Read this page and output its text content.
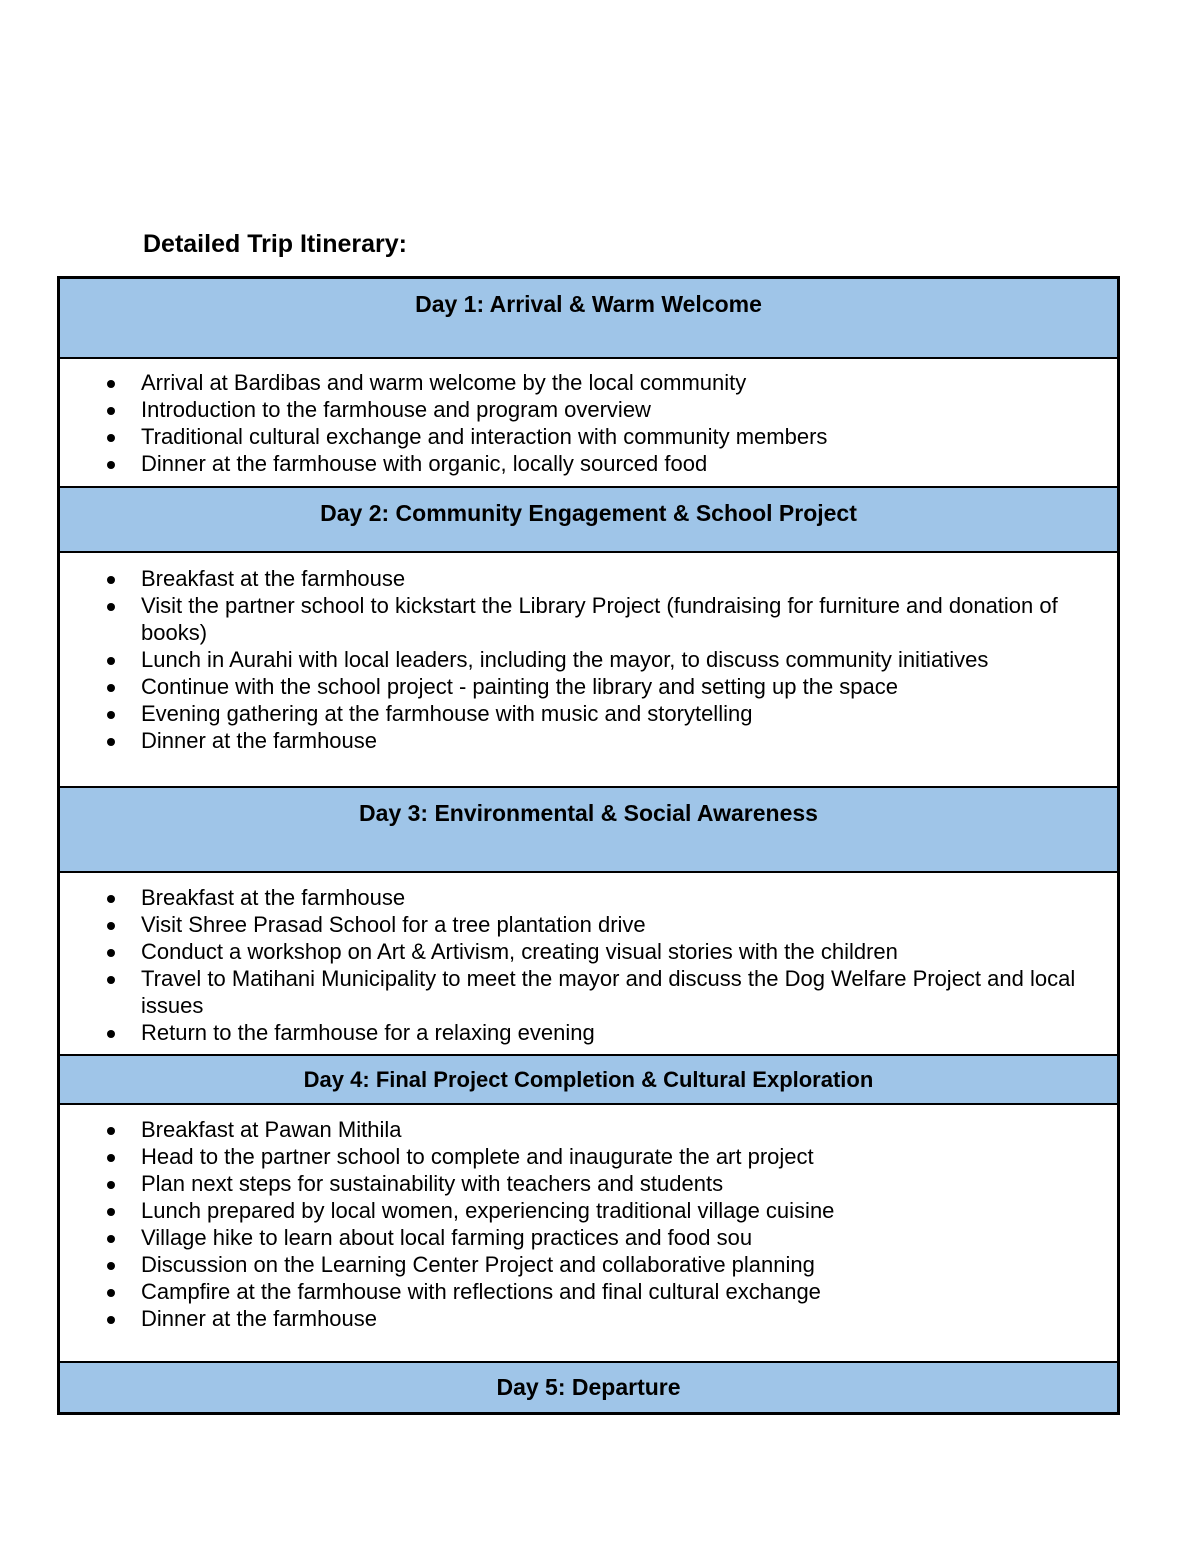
Detailed Trip Itinerary:
Day 1: Arrival & Warm Welcome
Arrival at Bardibas and warm welcome by the local community
Introduction to the farmhouse and program overview
Traditional cultural exchange and interaction with community members
Dinner at the farmhouse with organic, locally sourced food
Day 2: Community Engagement & School Project
Breakfast at the farmhouse
Visit the partner school to kickstart the Library Project (fundraising for furniture and donation of books)
Lunch in Aurahi with local leaders, including the mayor, to discuss community initiatives
Continue with the school project - painting the library and setting up the space
Evening gathering at the farmhouse with music and storytelling
Dinner at the farmhouse
Day 3: Environmental & Social Awareness
Breakfast at the farmhouse
Visit Shree Prasad School for a tree plantation drive
Conduct a workshop on Art & Artivism, creating visual stories with the children
Travel to Matihani Municipality to meet the mayor and discuss the Dog Welfare Project and local issues
Return to the farmhouse for a relaxing evening
Day 4: Final Project Completion & Cultural Exploration
Breakfast at Pawan Mithila
Head to the partner school to complete and inaugurate the art project
Plan next steps for sustainability with teachers and students
Lunch prepared by local women, experiencing traditional village cuisine
Village hike to learn about local farming practices and food sou
Discussion on the Learning Center Project and collaborative planning
Campfire at the farmhouse with reflections and final cultural exchange
Dinner at the farmhouse
Day 5: Departure
